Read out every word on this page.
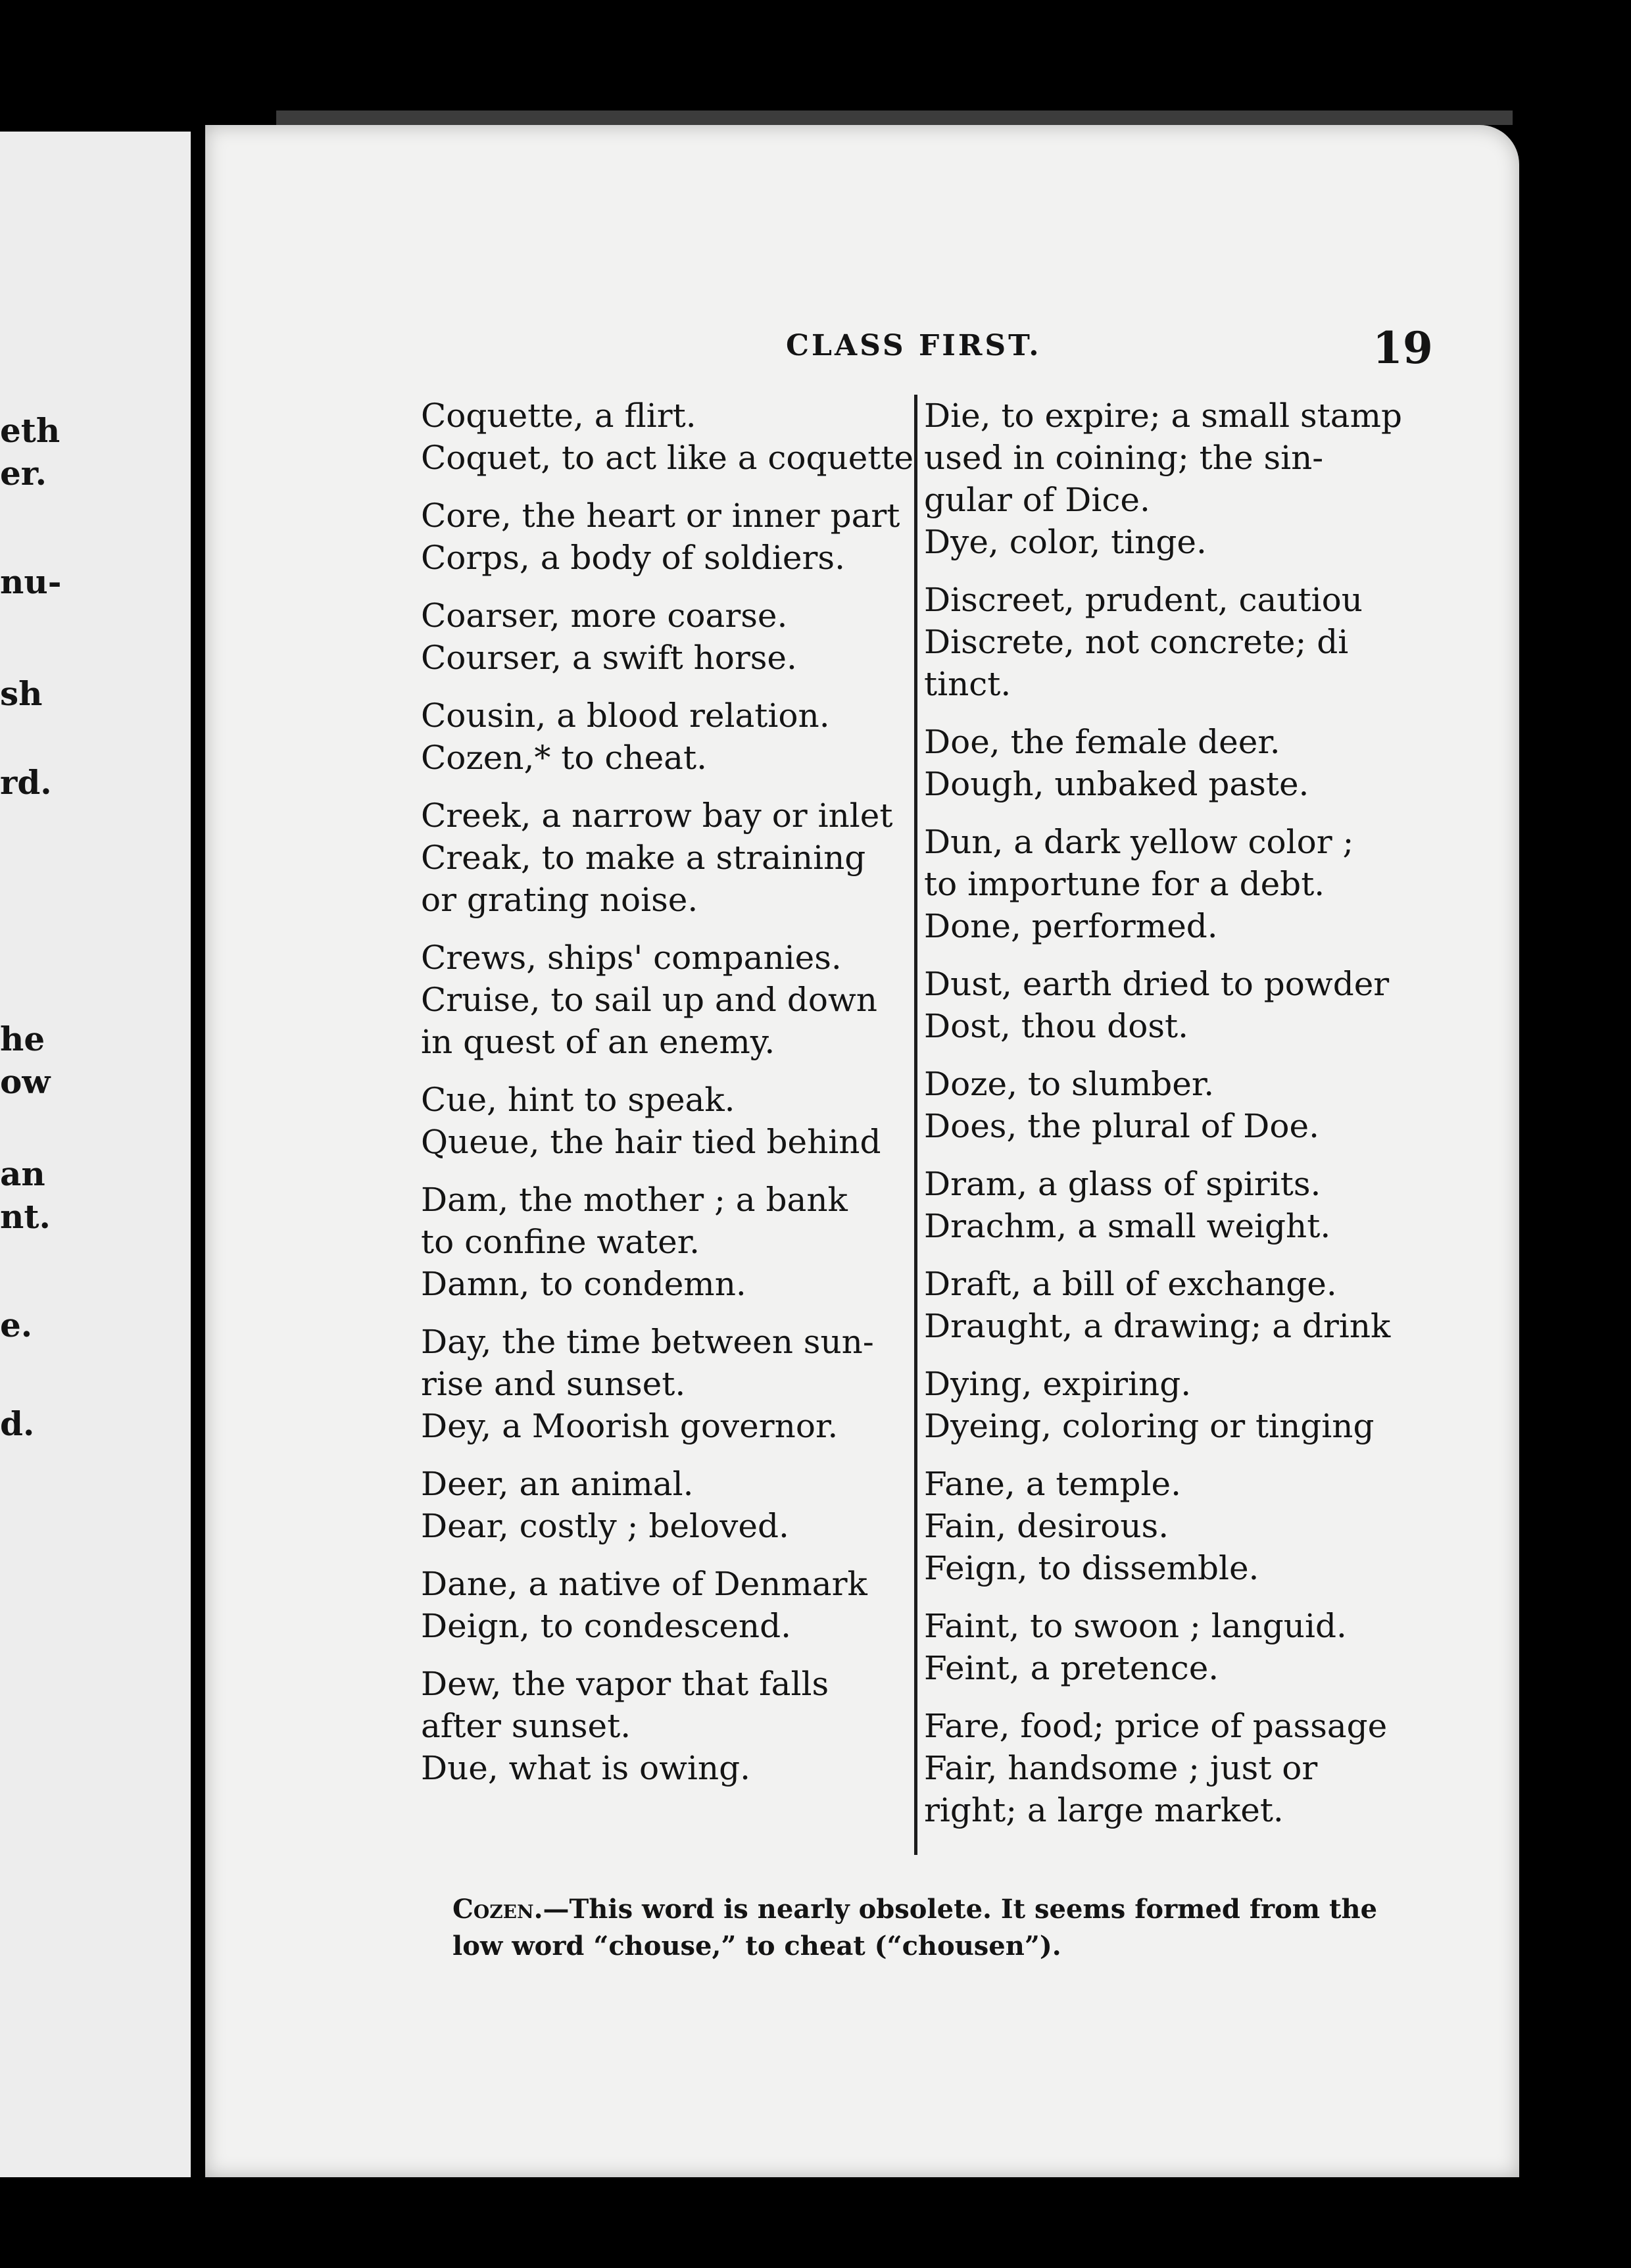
eth
er.
nu-
sh
rd.
he
ow
an
nt.
e.
d.
CLASS FIRST.	19
Coquette, a flirt.
Coquet, to act like a coquette
Core, the heart or inner part
Corps, a body of soldiers.
Coarser, more coarse.
Courser, a swift horse.
Cousin, a blood relation.
Cozen,* to cheat.
Creek, a narrow bay or inlet
Creak, to make a straining
or grating noise.
Crews, ships' companies.
Cruise, to sail up and down
in quest of an enemy.
Cue, hint to speak.
Queue, the hair tied behind
Dam, the mother ; a bank
to confine water.
Damn, to condemn.
Day, the time between sun-
rise and sunset.
Dey, a Moorish governor.
Deer, an animal.
Dear, costly ; beloved.
Dane, a native of Denmark
Deign, to condescend.
Dew, the vapor that falls
after sunset.
Due, what is owing.
Die, to expire; a small stamp
used in coining; the sin-
gular of Dice.
Dye, color, tinge.
Discreet, prudent, cautiou
Discrete, not concrete; di
tinct.
Doe, the female deer.
Dough, unbaked paste.
Dun, a dark yellow color ;
to importune for a debt.
Done, performed.
Dust, earth dried to powder
Dost, thou dost.
Doze, to slumber.
Does, the plural of Doe.
Dram, a glass of spirits.
Drachm, a small weight.
Draft, a bill of exchange.
Draught, a drawing; a drink
Dying, expiring.
Dyeing, coloring or tinging
Fane, a temple.
Fain, desirous.
Feign, to dissemble.
Faint, to swoon ; languid.
Feint, a pretence.
Fare, food; price of passage
Fair, handsome ; just or
right; a large market.
Cozen.—This word is nearly obsolete. It seems formed from the low word “chouse,” to cheat (“chousen”).
